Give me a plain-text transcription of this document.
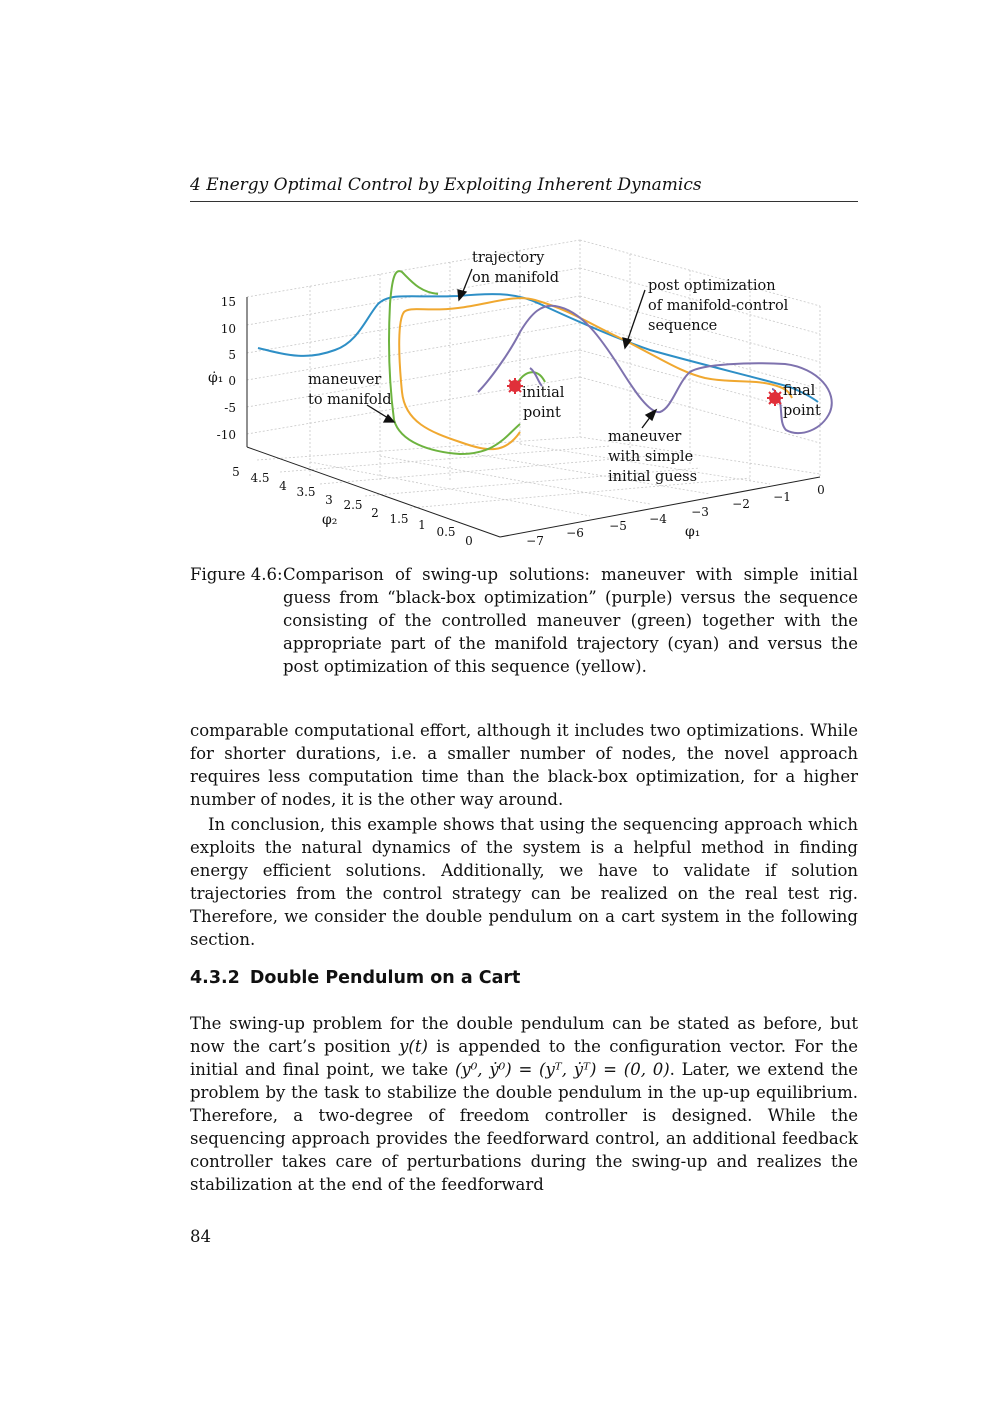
4 Energy Optimal Control by Exploiting Inherent Dynamics
15
10
5
0
-5
-10
φ̇₁
5 4.5
4 3.5
3 2.5
2 1.5 1 0.5
0
φ₂
−7
−6 −5 −4 −3
−2 −1 0
φ₁
trajectory
on manifold	post optimization
of manifold-control
sequence
maneuver
to manifold	initial
point
final
point
maneuver
with simple
initial guess
Figure 4.6: Comparison of swing-up solutions: maneuver with simple initial guess from “black-box optimization” (purple) versus the sequence consisting of the controlled maneuver (green) together with the appropriate part of the manifold trajectory (cyan) and versus the post optimization of this sequence (yellow).

comparable computational effort, although it includes two optimizations. While for shorter durations, i.e. a smaller number of nodes, the novel approach requires less computation time than the black-box optimization, for a higher number of nodes, it is the other way around.

In conclusion, this example shows that using the sequencing approach which exploits the natural dynamics of the system is a helpful method in finding energy efficient solutions. Additionally, we have to validate if solution trajectories from the control strategy can be realized on the real test rig. Therefore, we consider the double pendulum on a cart system in the following section.

4.3.2 Double Pendulum on a Cart

The swing-up problem for the double pendulum can be stated as before, but now the cart’s position y(t) is appended to the configuration vector. For the initial and final point, we take (y⁰, ẏ⁰) = (yᵀ, ẏᵀ) = (0, 0). Later, we extend the problem by the task to stabilize the double pendulum in the up-up equilibrium. Therefore, a two-degree of freedom controller is designed. While the sequencing approach provides the feedforward control, an additional feedback controller takes care of perturbations during the swing-up and realizes the stabilization at the end of the feedforward

84
